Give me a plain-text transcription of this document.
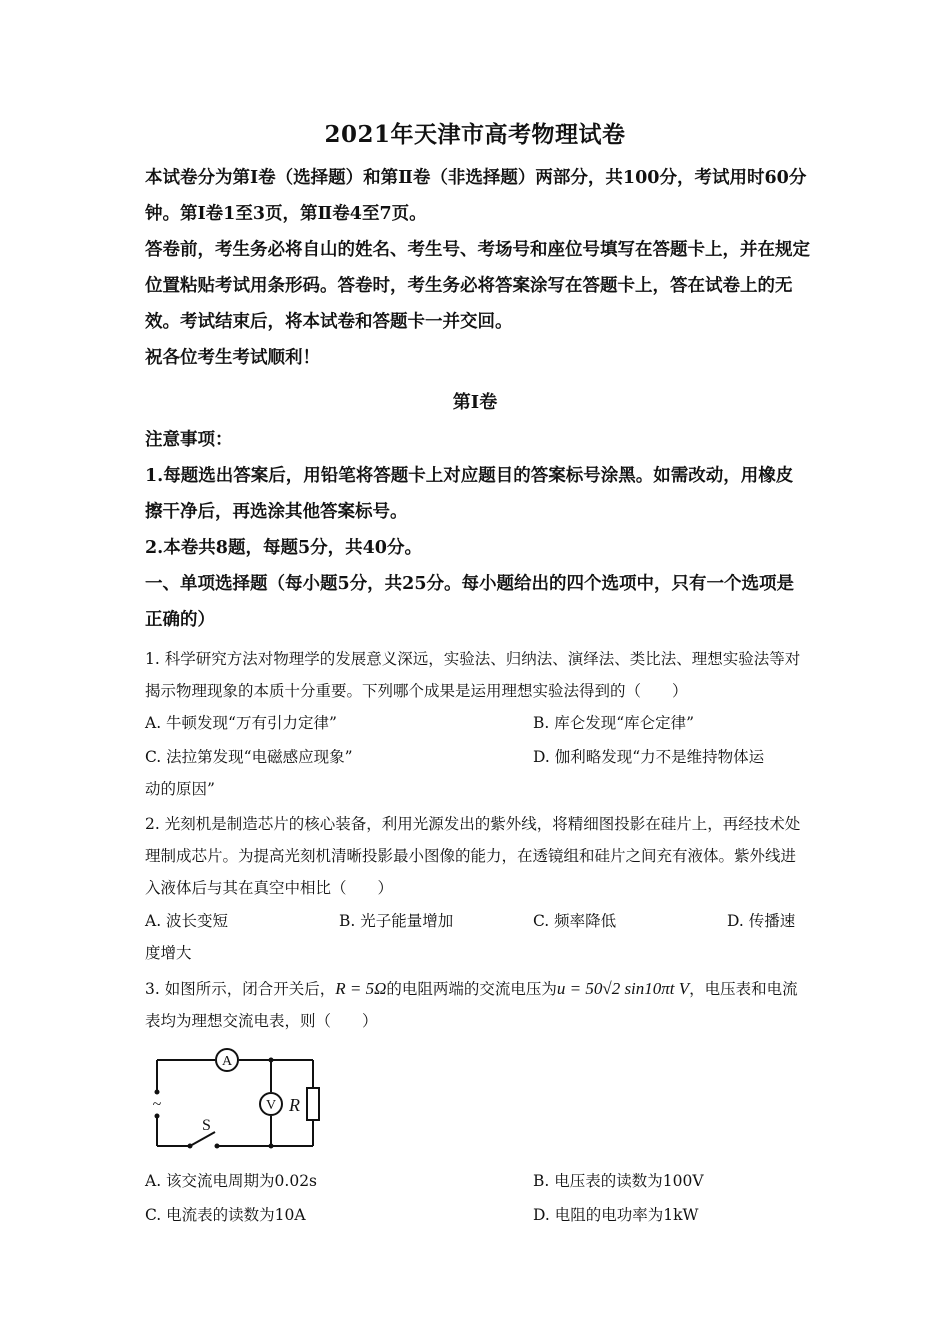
2021年天津市高考物理试卷

本试卷分为第Ⅰ卷（选择题）和第Ⅱ卷（非选择题）两部分，共100分，考试用时60分钟。第Ⅰ卷1至3页，第Ⅱ卷4至7页。

答卷前，考生务必将自山的姓名、考生号、考场号和座位号填写在答题卡上，并在规定位置粘贴考试用条形码。答卷时，考生务必将答案涂写在答题卡上，答在试卷上的无效。考试结束后，将本试卷和答题卡一并交回。

祝各位考生考试顺利！

第Ⅰ卷

注意事项：

1.每题选出答案后，用铅笔将答题卡上对应题目的答案标号涂黑。如需改动，用橡皮擦干净后，再选涂其他答案标号。

2.本卷共8题，每题5分，共40分。

一、单项选择题（每小题5分，共25分。每小题给出的四个选项中，只有一个选项是正确的）

1. 科学研究方法对物理学的发展意义深远，实验法、归纳法、演绎法、类比法、理想实验法等对揭示物理现象的本质十分重要。下列哪个成果是运用理想实验法得到的（　　）

A. 牛顿发现“万有引力定律”	B. 库仑发现“库仑定律”
C. 法拉第发现“电磁感应现象”	D. 伽利略发现“力不是维持物体运
动的原因”

2. 光刻机是制造芯片的核心装备，利用光源发出的紫外线，将精细图投影在硅片上，再经技术处理制成芯片。为提高光刻机清晰投影最小图像的能力，在透镜组和硅片之间充有液体。紫外线进入液体后与其在真空中相比（　　）

A. 波长变短	B. 光子能量增加	C. 频率降低	D. 传播速
度增大

3. 如图所示，闭合开关后，R = 5Ω的电阻两端的交流电压为u = 50√2 sin10πt V，电压表和电流表均为理想交流电表，则（　　）

A
V R
S
~
A. 该交流电周期为0.02s	B. 电压表的读数为100V
C. 电流表的读数为10A	D. 电阻的电功率为1kW
